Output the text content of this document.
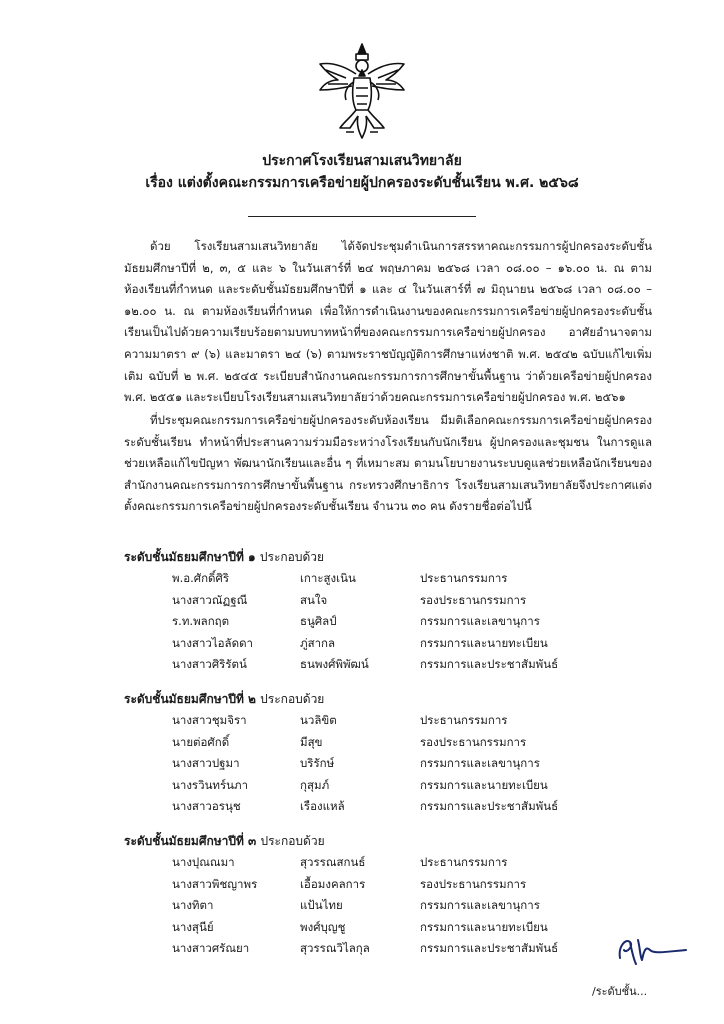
ประกาศโรงเรียนสามเสนวิทยาลัย
เรื่อง แต่งตั้งคณะกรรมการเครือข่ายผู้ปกครองระดับชั้นเรียน พ.ศ. ๒๕๖๘
ด้วย โรงเรียนสามเสนวิทยาลัย ได้จัดประชุมดำเนินการสรรหาคณะกรรมการผู้ปกครองระดับชั้นมัธยมศึกษาปีที่ ๒, ๓, ๕ และ ๖ ในวันเสาร์ที่ ๒๔ พฤษภาคม ๒๕๖๘ เวลา ๐๘.๐๐ – ๑๖.๐๐ น. ณ ตามห้องเรียนที่กำหนด และระดับชั้นมัธยมศึกษาปีที่ ๑ และ ๔ ในวันเสาร์ที่ ๗ มิถุนายน ๒๕๖๘ เวลา ๐๘.๐๐ – ๑๒.๐๐ น. ณ ตามห้องเรียนที่กำหนด เพื่อให้การดำเนินงานของคณะกรรมการเครือข่ายผู้ปกครองระดับชั้นเรียนเป็นไปด้วยความเรียบร้อยตามบทบาทหน้าที่ของคณะกรรมการเครือข่ายผู้ปกครอง อาศัยอำนาจตามความมาตรา ๙ (๖) และมาตรา ๒๔ (๖) ตามพระราชบัญญัติการศึกษาแห่งชาติ พ.ศ. ๒๕๔๒ ฉบับแก้ไขเพิ่มเติม ฉบับที่ ๒ พ.ศ. ๒๕๔๕ ระเบียบสำนักงานคณะกรรมการการศึกษาขั้นพื้นฐาน ว่าด้วยเครือข่ายผู้ปกครอง พ.ศ. ๒๕๕๑ และระเบียบโรงเรียนสามเสนวิทยาลัยว่าด้วยคณะกรรมการเครือข่ายผู้ปกครอง พ.ศ. ๒๕๖๑
ที่ประชุมคณะกรรมการเครือข่ายผู้ปกครองระดับห้องเรียน มีมติเลือกคณะกรรมการเครือข่ายผู้ปกครองระดับชั้นเรียน ทำหน้าที่ประสานความร่วมมือระหว่างโรงเรียนกับนักเรียน ผู้ปกครองและชุมชน ในการดูแลช่วยเหลือแก้ไขปัญหา พัฒนานักเรียนและอื่น ๆ ที่เหมาะสม ตามนโยบายงานระบบดูแลช่วยเหลือนักเรียนของสำนักงานคณะกรรมการการศึกษาขั้นพื้นฐาน กระทรวงศึกษาธิการ โรงเรียนสามเสนวิทยาลัยจึงประกาศแต่งตั้งคณะกรรมการเครือข่ายผู้ปกครองระดับชั้นเรียน จำนวน ๓๐ คน ดังรายชื่อต่อไปนี้
ระดับชั้นมัธยมศึกษาปีที่ ๑ ประกอบด้วย
พ.อ.ศักดิ์ศิริ	เกาะสูงเนิน	ประธานกรรมการ
นางสาวณัฏฐณี	สนใจ	รองประธานกรรมการ
ร.ท.พลกฤต	ธนูศิลป์	กรรมการและเลขานุการ
นางสาวไอลัดดา	ภู่สากล	กรรมการและนายทะเบียน
นางสาวศิริรัตน์	ธนพงศ์พิพัฒน์	กรรมการและประชาสัมพันธ์
ระดับชั้นมัธยมศึกษาปีที่ ๒ ประกอบด้วย
นางสาวชุมจิรา	นวลิขิต	ประธานกรรมการ
นายต่อศักดิ์	มีสุข	รองประธานกรรมการ
นางสาวปฐมา	บริรักษ์	กรรมการและเลขานุการ
นางรวินทร์นภา	กุสุมภ์	กรรมการและนายทะเบียน
นางสาวอรนุช	เรืองแหล้	กรรมการและประชาสัมพันธ์
ระดับชั้นมัธยมศึกษาปีที่ ๓ ประกอบด้วย
นางปุณณมา	สุวรรณสกนธ์	ประธานกรรมการ
นางสาวพิชญาพร	เอื้อมงคลการ	รองประธานกรรมการ
นางทิตา	แป้นไทย	กรรมการและเลขานุการ
นางสุนีย์	พงศ์บุญชู	กรรมการและนายทะเบียน
นางสาวศรัณยา	สุวรรณวิไลกุล	กรรมการและประชาสัมพันธ์
/ระดับชั้น...
